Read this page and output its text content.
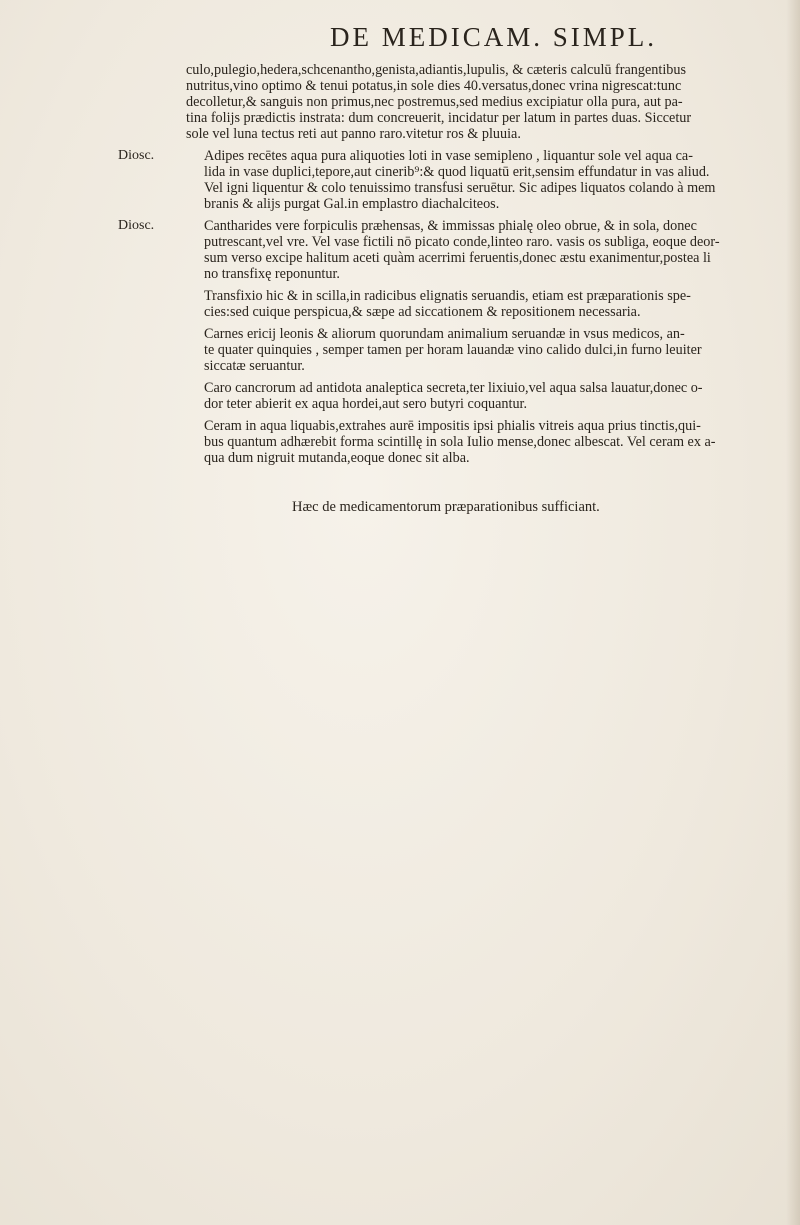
DE MEDICAM. SIMPL.
Diosc.
Diosc.
culo,pulegio,hedera,schcenantho,genista,adiantis,lupulis, & cæteris calculū frangentibus
nutritus,vino optimo & tenui potatus,in sole dies 40.versatus,donec vrina nigrescat:tunc
decolletur,& sanguis non primus,nec postremus,sed medius excipiatur olla pura, aut pa-
tina folijs prædictis instrata: dum concreuerit, incidatur per latum in partes duas. Siccetur
sole vel luna tectus reti aut panno raro.vitetur ros & pluuia.
Adipes recētes aqua pura aliquoties loti in vase semipleno , liquantur sole vel aqua ca-
lida in vase duplici,tepore,aut cinerib⁹:& quod liquatū erit,sensim effundatur in vas aliud.
Vel igni liquentur & colo tenuissimo transfusi seruētur. Sic adipes liquatos colando à mem
branis & alijs purgat Gal.in emplastro diachalciteos.
Cantharides vere forpiculis præhensas, & immissas phialę oleo obrue, & in sola, donec
putrescant,vel vre. Vel vase fictili nō picato conde,linteo raro. vasis os subliga, eoque deor-
sum verso excipe halitum aceti quàm acerrimi feruentis,donec æstu exanimentur,postea li
no transfixę reponuntur.
Transfixio hic & in scilla,in radicibus elignatis seruandis, etiam est præparationis spe-
cies:sed cuique perspicua,& sæpe ad siccationem & repositionem necessaria.
Carnes ericij leonis & aliorum quorundam animalium seruandæ in vsus medicos, an-
te quater quinquies , semper tamen per horam lauandæ vino calido dulci,in furno leuiter
siccatæ seruantur.
Caro cancrorum ad antidota analeptica secreta,ter lixiuio,vel aqua salsa lauatur,donec o-
dor teter abierit ex aqua hordei,aut sero butyri coquantur.
Ceram in aqua liquabis,extrahes aurē impositis ipsi phialis vitreis aqua prius tinctis,qui-
bus quantum adhærebit forma scintillę in sola Iulio mense,donec albescat. Vel ceram ex a-
qua dum nigruit mutanda,eoque donec sit alba.
Hæc de medicamentorum præparationibus sufficiant.
